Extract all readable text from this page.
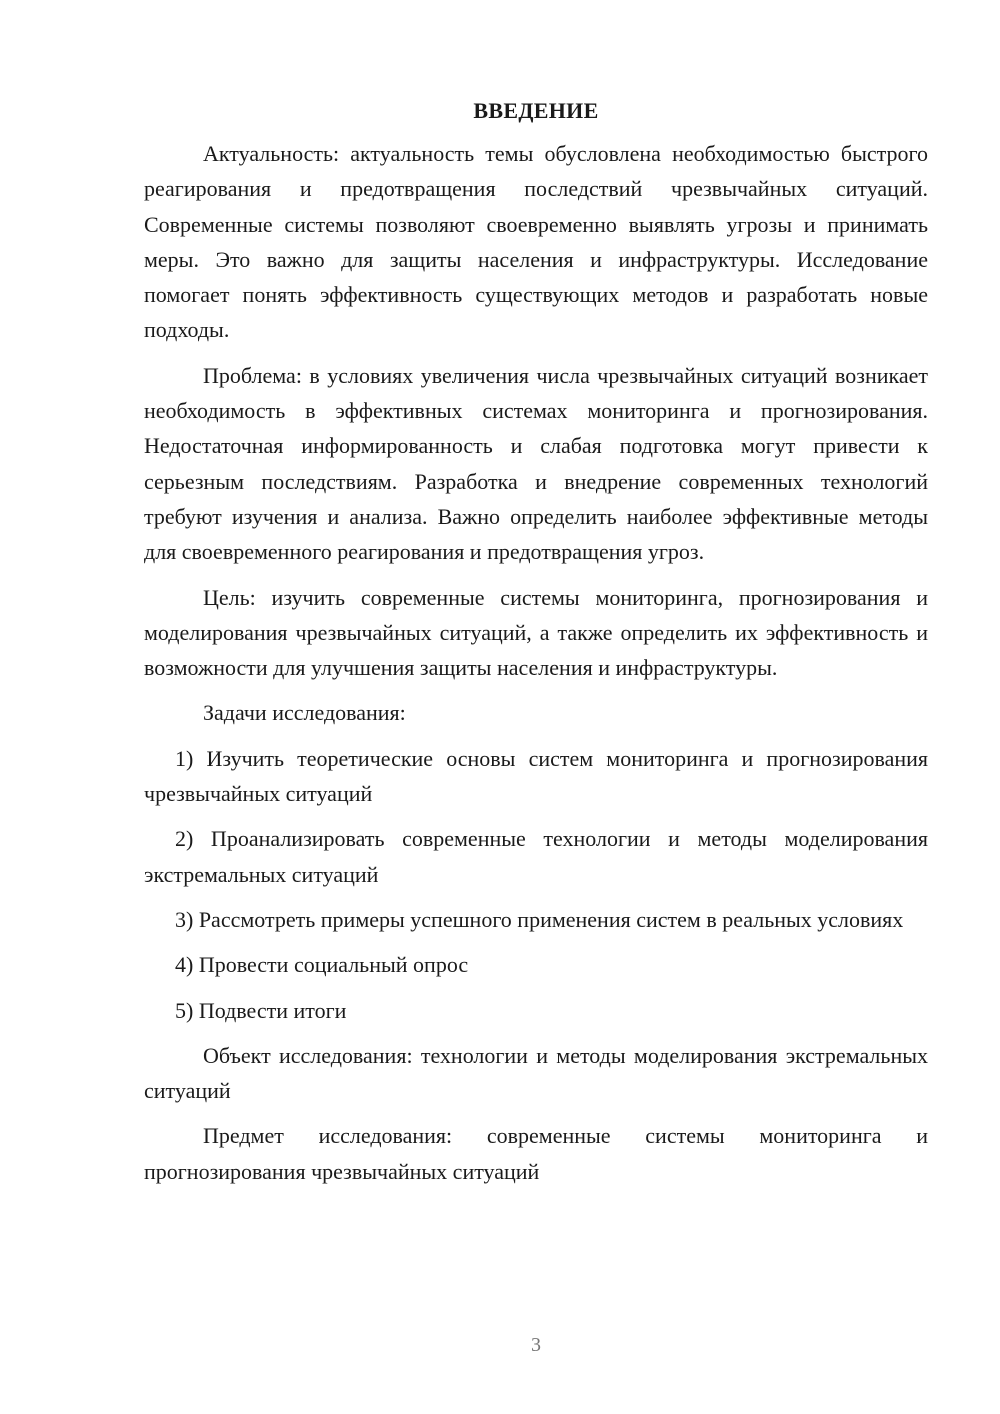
ВВЕДЕНИЕ

Актуальность: актуальность темы обусловлена необходимостью быстрого реагирования и предотвращения последствий чрезвычайных ситуаций. Современные системы позволяют своевременно выявлять угрозы и принимать меры. Это важно для защиты населения и инфраструктуры. Исследование помогает понять эффективность существующих методов и разработать новые подходы.

Проблема: в условиях увеличения числа чрезвычайных ситуаций возникает необходимость в эффективных системах мониторинга и прогнозирования. Недостаточная информированность и слабая подготовка могут привести к серьезным последствиям. Разработка и внедрение современных технологий требуют изучения и анализа. Важно определить наиболее эффективные методы для своевременного реагирования и предотвращения угроз.

Цель: изучить современные системы мониторинга, прогнозирования и моделирования чрезвычайных ситуаций, а также определить их эффективность и возможности для улучшения защиты населения и инфраструктуры.

Задачи исследования:

1) Изучить теоретические основы систем мониторинга и прогнозирования чрезвычайных ситуаций

2) Проанализировать современные технологии и методы моделирования экстремальных ситуаций

3) Рассмотреть примеры успешного применения систем в реальных условиях

4) Провести социальный опрос

5) Подвести итоги

Объект исследования: технологии и методы моделирования экстремальных ситуаций

Предмет исследования: современные системы мониторинга и прогнозирования чрезвычайных ситуаций

3
